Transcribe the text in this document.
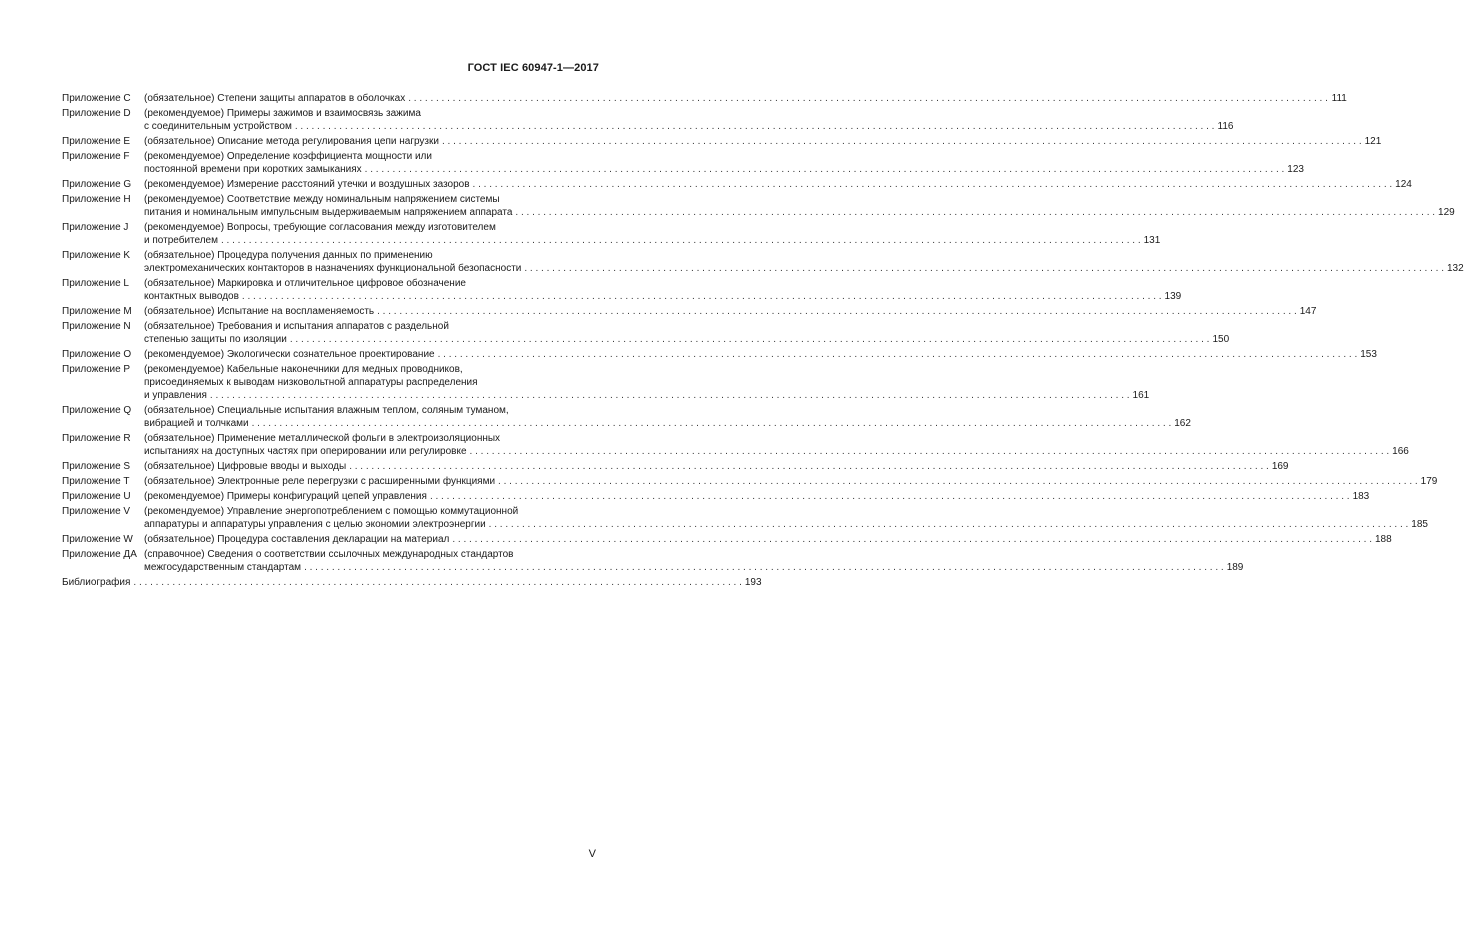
ГОСТ IEC 60947-1—2017
Приложение С	(обязательное) Степени защиты аппаратов в оболочках . . .	111
Приложение D	(рекомендуемое) Примеры зажимов и взаимосвязь зажима
с соединительным устройством . . .	116
Приложение E	(обязательное) Описание метода регулирования цепи нагрузки . . .	121
Приложение F	(рекомендуемое) Определение коэффициента мощности или
постоянной времени при коротких замыканиях . . .	123
Приложение G	(рекомендуемое) Измерение расстояний утечки и воздушных зазоров . . .	124
Приложение H	(рекомендуемое) Соответствие между номинальным напряжением системы
питания и номинальным импульсным выдерживаемым напряжением аппарата . . .	129
Приложение J	(рекомендуемое) Вопросы, требующие согласования между изготовителем
и потребителем . . .	131
Приложение K	(обязательное) Процедура получения данных по применению
электромеханических контакторов в назначениях функциональной безопасности . . .	132
Приложение L	(обязательное) Маркировка и отличительное цифровое обозначение
контактных выводов . . .	139
Приложение M	(обязательное) Испытание на воспламеняемость . . .	147
Приложение N	(обязательное) Требования и испытания аппаратов с раздельной
степенью защиты по изоляции . . .	150
Приложение O	(рекомендуемое) Экологически сознательное проектирование . . .	153
Приложение P	(рекомендуемое) Кабельные наконечники для медных проводников,
присоединяемых к выводам низковольтной аппаратуры распределения
и управления . . .	161
Приложение Q	(обязательное) Специальные испытания влажным теплом, соляным туманом,
вибрацией и толчками . . .	162
Приложение R	(обязательное) Применение металлической фольги в электроизоляционных
испытаниях на доступных частях при оперировании или регулировке . . .	166
Приложение S	(обязательное) Цифровые вводы и выходы . . .	169
Приложение T	(обязательное) Электронные реле перегрузки с расширенными функциями . . .	179
Приложение U	(рекомендуемое) Примеры конфигураций цепей управления . . .	183
Приложение V	(рекомендуемое) Управление энергопотреблением с помощью коммутационной
аппаратуры и аппаратуры управления с целью экономии электроэнергии . . .	185
Приложение W	(обязательное) Процедура составления декларации на материал . . .	188
Приложение ДА (справочное) Сведения о соответствии ссылочных международных стандартов
межгосударственным стандартам . . .	189
Библиография . . .	193
V
